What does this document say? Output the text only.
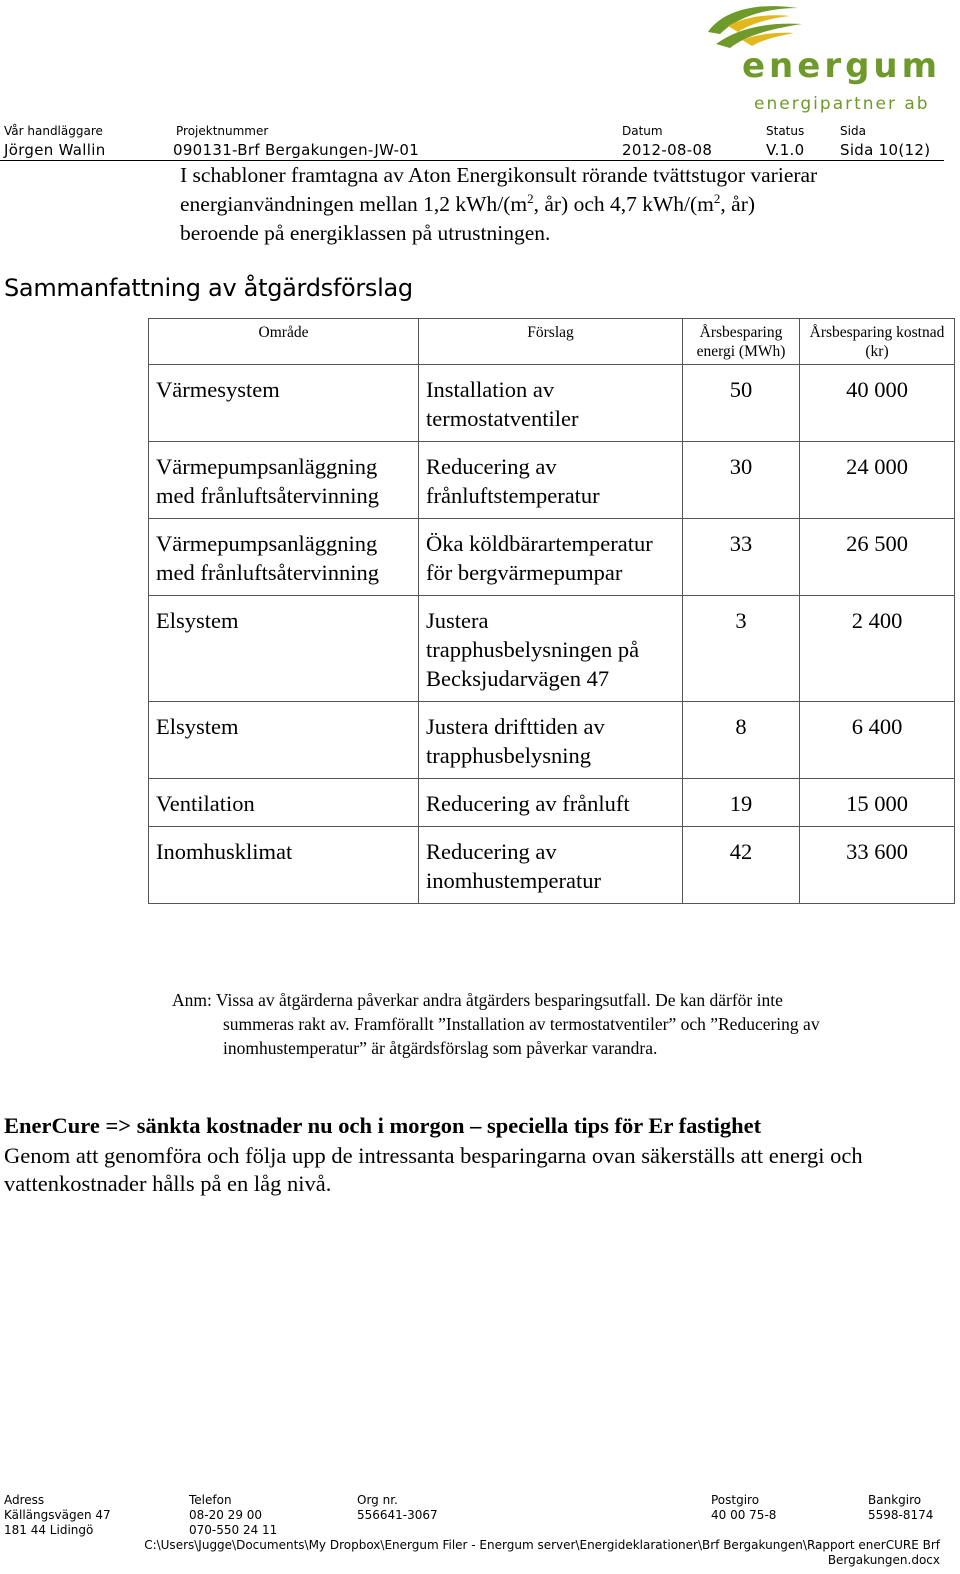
energum
energipartner ab
Vår handläggare	Projektnummer	Datum	Status	Sida
Jörgen Wallin	090131-Brf Bergakungen-JW-01	2012-08-08	V.1.0 Sida 10(12)
I schabloner framtagna av Aton Energikonsult rörande tvättstugor varierar
energianvändningen mellan 1,2 kWh/($m^2$, år) och 4,7 kWh/($m^2$, år)
beroende på energiklassen på utrustningen.
Sammanfattning av åtgärdsförslag
Område	Förslag	Årsbesparing energi (MWh)	Årsbesparing kostnad (kr)
Värmesystem	Installation av termostatventiler	50	40 000
Värmepumpsanläggning med frånluftsåtervinning	Reducering av frånluftstemperatur	30	24 000
Värmepumpsanläggning med frånluftsåtervinning	Öka köldbärartemperatur för bergvärmepumpar	33	26 500
Elsystem	Justera trapphusbelysningen på Becksjudarvägen 47	3	2 400
Elsystem	Justera drifttiden av trapphusbelysning	8	6 400
Ventilation	Reducering av frånluft	19	15 000
Inomhusklimat	Reducering av inomhustemperatur	42	33 600
Anm: Vissa av åtgärderna påverkar andra åtgärders besparingsutfall. De kan därför inte
summeras rakt av. Framförallt ”Installation av termostatventiler” och ”Reducering av
inomhustemperatur” är åtgärdsförslag som påverkar varandra.
EnerCure => sänkta kostnader nu och i morgon – speciella tips för Er fastighet
Genom att genomföra och följa upp de intressanta besparingarna ovan säkerställs att energi och vattenkostnader hålls på en låg nivå.
Adress	Telefon	Org nr.	Postgiro	Bankgiro
Källängsvägen 47	08-20 29 00	556641-3067	40 00 75-8	5598-8174
181 44 Lidingö	070-550 24 11
C:\Users\Jugge\Documents\My Dropbox\Energum Filer - Energum server\Energideklarationer\Brf Bergakungen\Rapport enerCURE Brf Bergakungen.docx
